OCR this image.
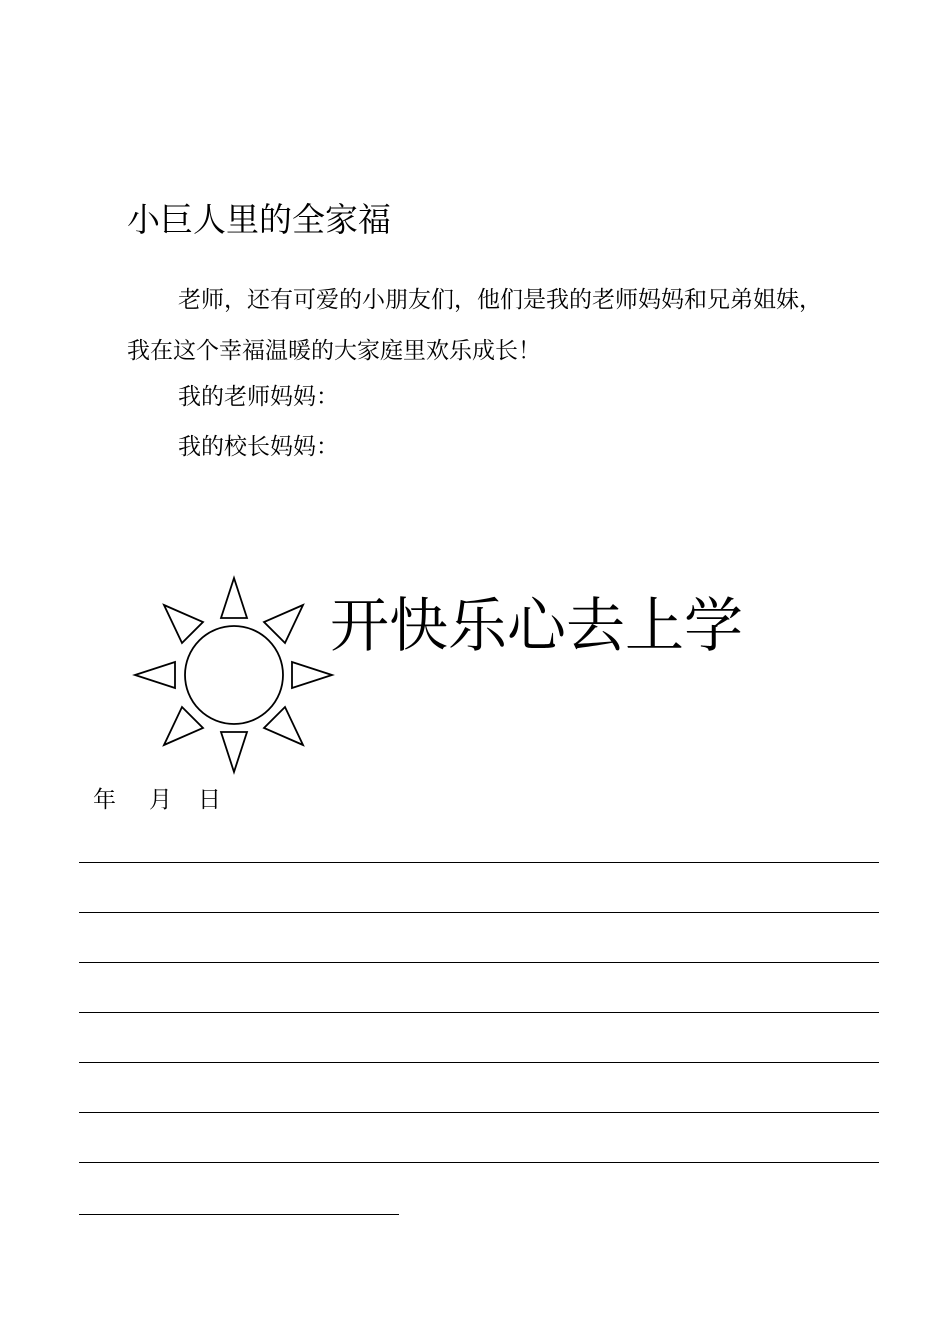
小巨人里的全家福
老师，还有可爱的小朋友们，他们是我的老师妈妈和兄弟姐妹，我在这个幸福温暖的大家庭里欢乐成长！
我的老师妈妈：
我的校长妈妈：
开快乐心去上学
年 月 日
